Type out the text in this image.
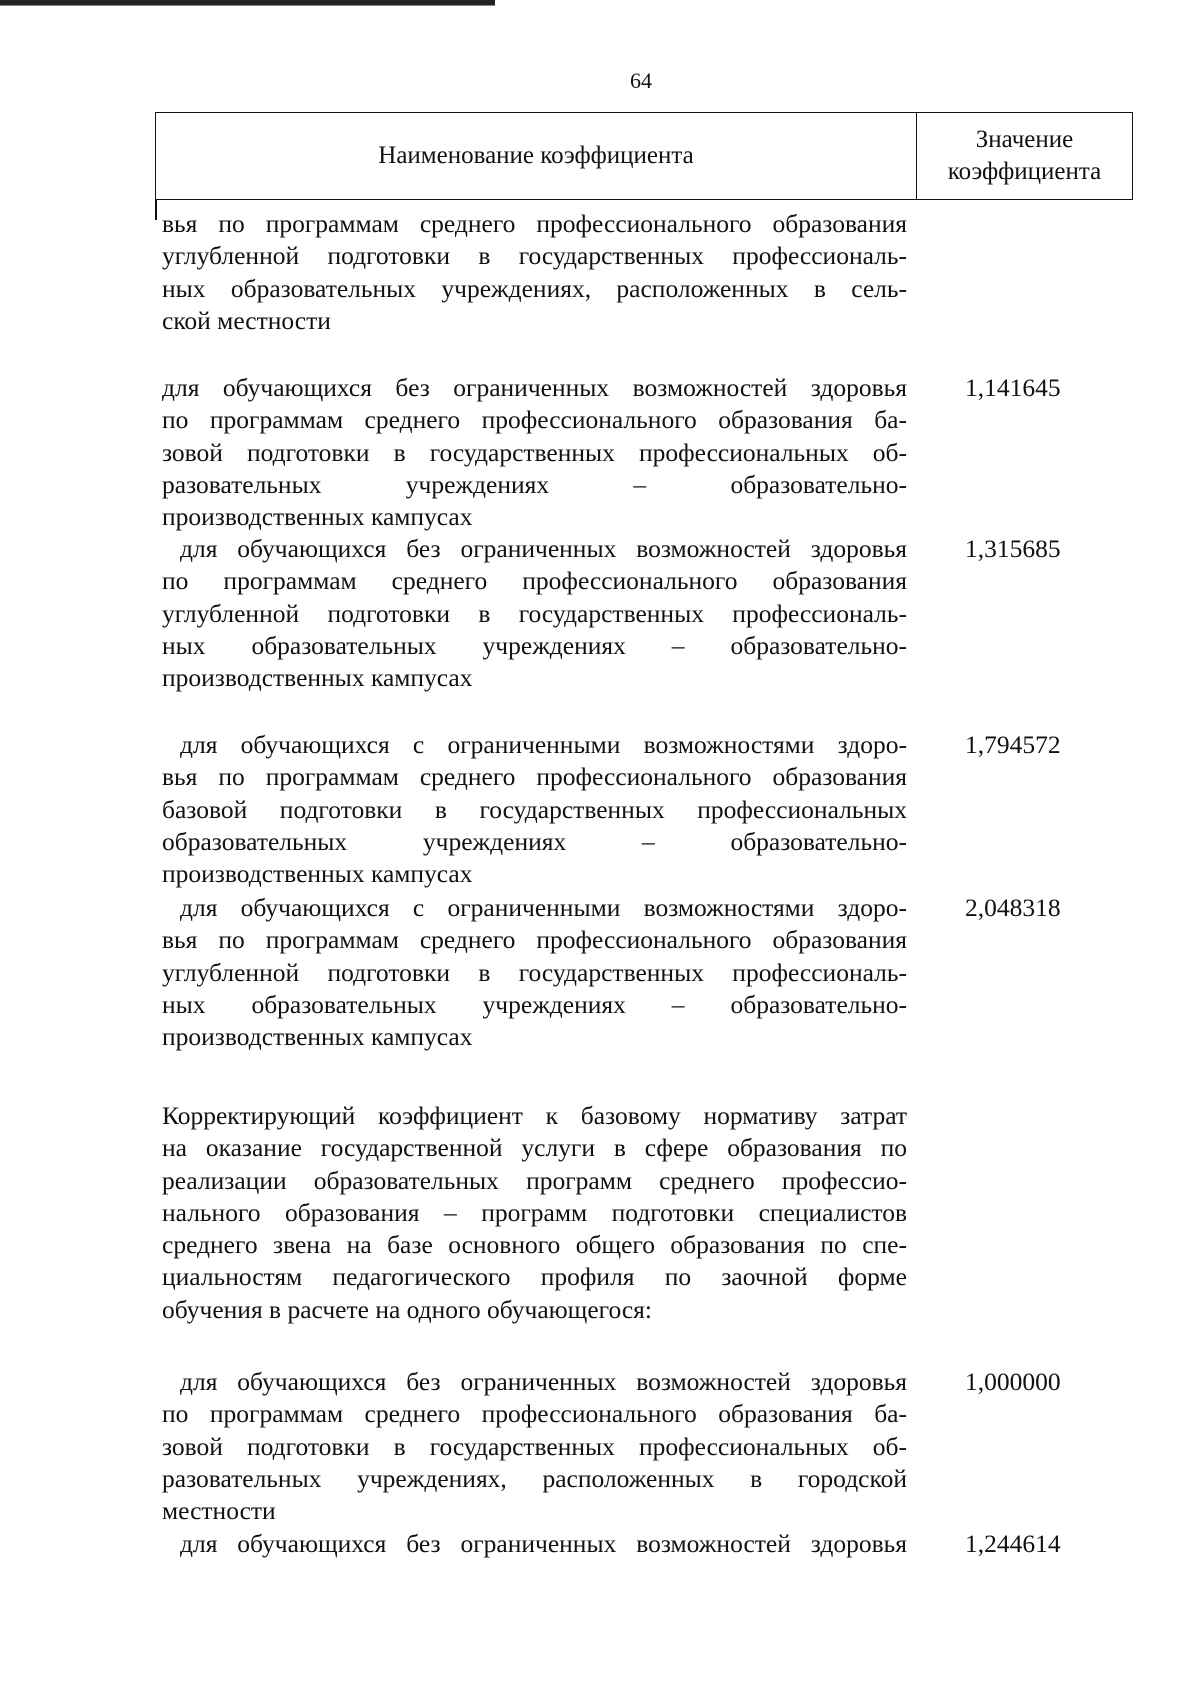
64
Наименование коэффициента
Значение
коэффициента
вья по программам среднего профессионального образования
углубленной подготовки в государственных профессиональ-
ных образовательных учреждениях, расположенных в сель-
ской местности
для обучающихся без ограниченных возможностей здоровья
по программам среднего профессионального образования ба-
зовой подготовки в государственных профессиональных об-
разовательных учреждениях – образовательно-
производственных кампусах
1,141645
для обучающихся без ограниченных возможностей здоровья
по программам среднего профессионального образования
углубленной подготовки в государственных профессиональ-
ных образовательных учреждениях – образовательно-
производственных кампусах
1,315685
для обучающихся с ограниченными возможностями здоро-
вья по программам среднего профессионального образования
базовой подготовки в государственных профессиональных
образовательных учреждениях – образовательно-
производственных кампусах
1,794572
для обучающихся с ограниченными возможностями здоро-
вья по программам среднего профессионального образования
углубленной подготовки в государственных профессиональ-
ных образовательных учреждениях – образовательно-
производственных кампусах
2,048318
Корректирующий коэффициент к базовому нормативу затрат
на оказание государственной услуги в сфере образования по
реализации образовательных программ среднего профессио-
нального образования – программ подготовки специалистов
среднего звена на базе основного общего образования по спе-
циальностям педагогического профиля по заочной форме
обучения в расчете на одного обучающегося:
для обучающихся без ограниченных возможностей здоровья
по программам среднего профессионального образования ба-
зовой подготовки в государственных профессиональных об-
разовательных учреждениях, расположенных в городской
местности
1,000000
для обучающихся без ограниченных возможностей здоровья 1,244614
